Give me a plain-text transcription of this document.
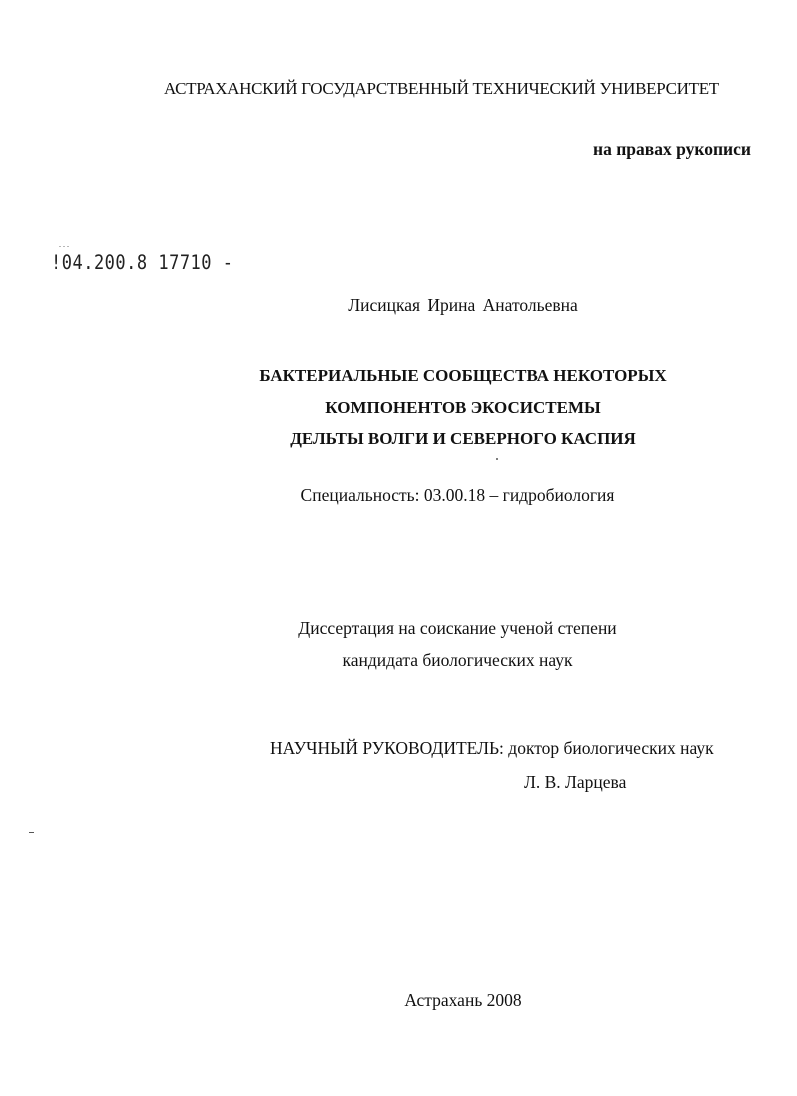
АСТРАХАНСКИЙ ГОСУДАРСТВЕННЫЙ ТЕХНИЧЕСКИЙ УНИВЕРСИТЕТ
на правах рукописи
...
!04.200.8 17710 -
Лисицкая Ирина Анатольевна
БАКТЕРИАЛЬНЫЕ СООБЩЕСТВА НЕКОТОРЫХ
КОМПОНЕНТОВ ЭКОСИСТЕМЫ
ДЕЛЬТЫ ВОЛГИ И СЕВЕРНОГО КАСПИЯ
Специальность: 03.00.18 – гидробиология
Диссертация на соискание ученой степени
кандидата биологических наук
НАУЧНЫЙ РУКОВОДИТЕЛЬ: доктор биологических наук
Л. В. Ларцева
Астрахань 2008
